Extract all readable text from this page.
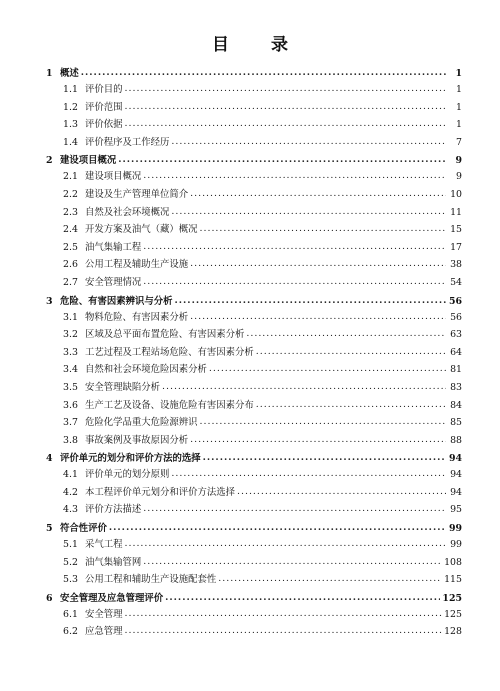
目 录
1 概述 .....	1
1.1 评价目的 .....	1
1.2 评价范围 .....	1
1.3 评价依据 .....	1
1.4 评价程序及工作经历 .....	7
2 建设项目概况 .....	9
2.1 建设项目概况 .....	9
2.2 建设及生产管理单位简介 .....	10
2.3 自然及社会环境概况 .....	11
2.4 开发方案及油气（藏）概况 .....	15
2.5 油气集输工程 .....	17
2.6 公用工程及辅助生产设施 .....	38
2.7 安全管理情况 .....	54
3 危险、有害因素辨识与分析 .....	56
3.1 物料危险、有害因素分析 .....	56
3.2 区域及总平面布置危险、有害因素分析 .....	63
3.3 工艺过程及工程站场危险、有害因素分析 .....	64
3.4 自然和社会环境危险因素分析 .....	81
3.5 安全管理缺陷分析 .....	83
3.6 生产工艺及设备、设施危险有害因素分布 .....	84
3.7 危险化学品重大危险源辨识 .....	85
3.8 事故案例及事故原因分析 .....	88
4 评价单元的划分和评价方法的选择 .....	94
4.1 评价单元的划分原则 .....	94
4.2 本工程评价单元划分和评价方法选择 .....	94
4.3 评价方法描述 .....	95
5 符合性评价 .....	99
5.1 采气工程 .....	99
5.2 油气集输管网 .....	108
5.3 公用工程和辅助生产设施配套性 .....	115
6 安全管理及应急管理评价 .....	125
6.1 安全管理 .....	125
6.2 应急管理 .....	128
